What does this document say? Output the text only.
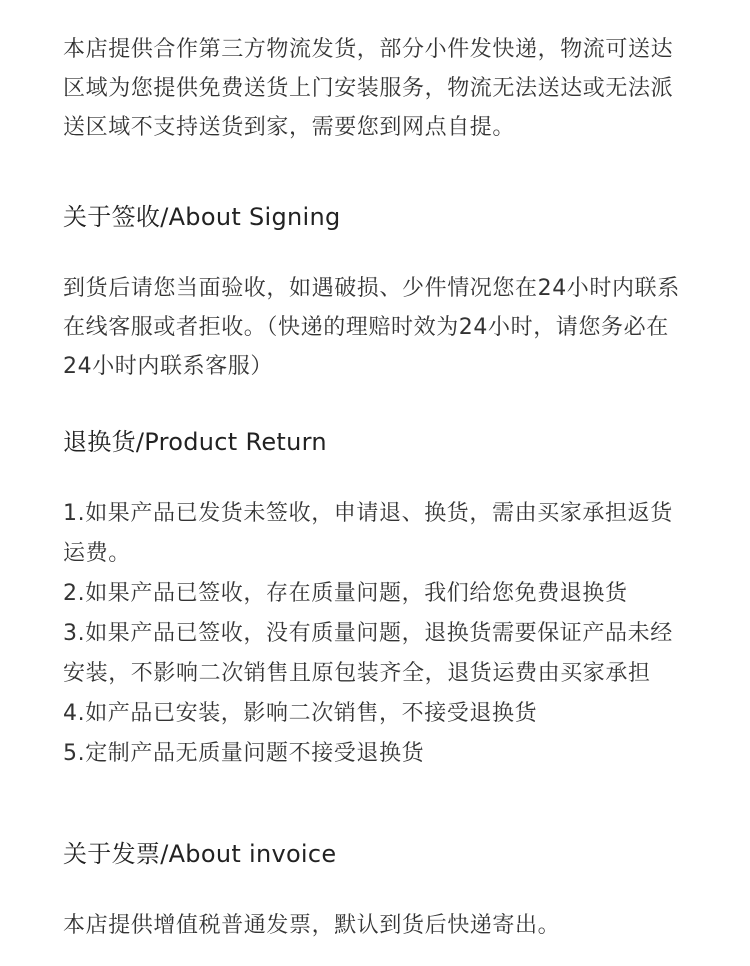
本店提供合作第三方物流发货，部分小件发快递，物流可送达区域为您提供免费送货上门安装服务，物流无法送达或无法派送区域不支持送货到家，需要您到网点自提。

关于签收/About Signing

到货后请您当面验收，如遇破损、少件情况您在24小时内联系在线客服或者拒收。（快递的理赔时效为24小时，请您务必在24小时内联系客服）

退换货/Product Return
1.如果产品已发货未签收，申请退、换货，需由买家承担返货运费。
2.如果产品已签收，存在质量问题，我们给您免费退换货
3.如果产品已签收，没有质量问题，退换货需要保证产品未经安装，不影响二次销售且原包装齐全，退货运费由买家承担
4.如产品已安装，影响二次销售，不接受退换货
5.定制产品无质量问题不接受退换货
关于发票/About invoice

本店提供增值税普通发票，默认到货后快递寄出。
